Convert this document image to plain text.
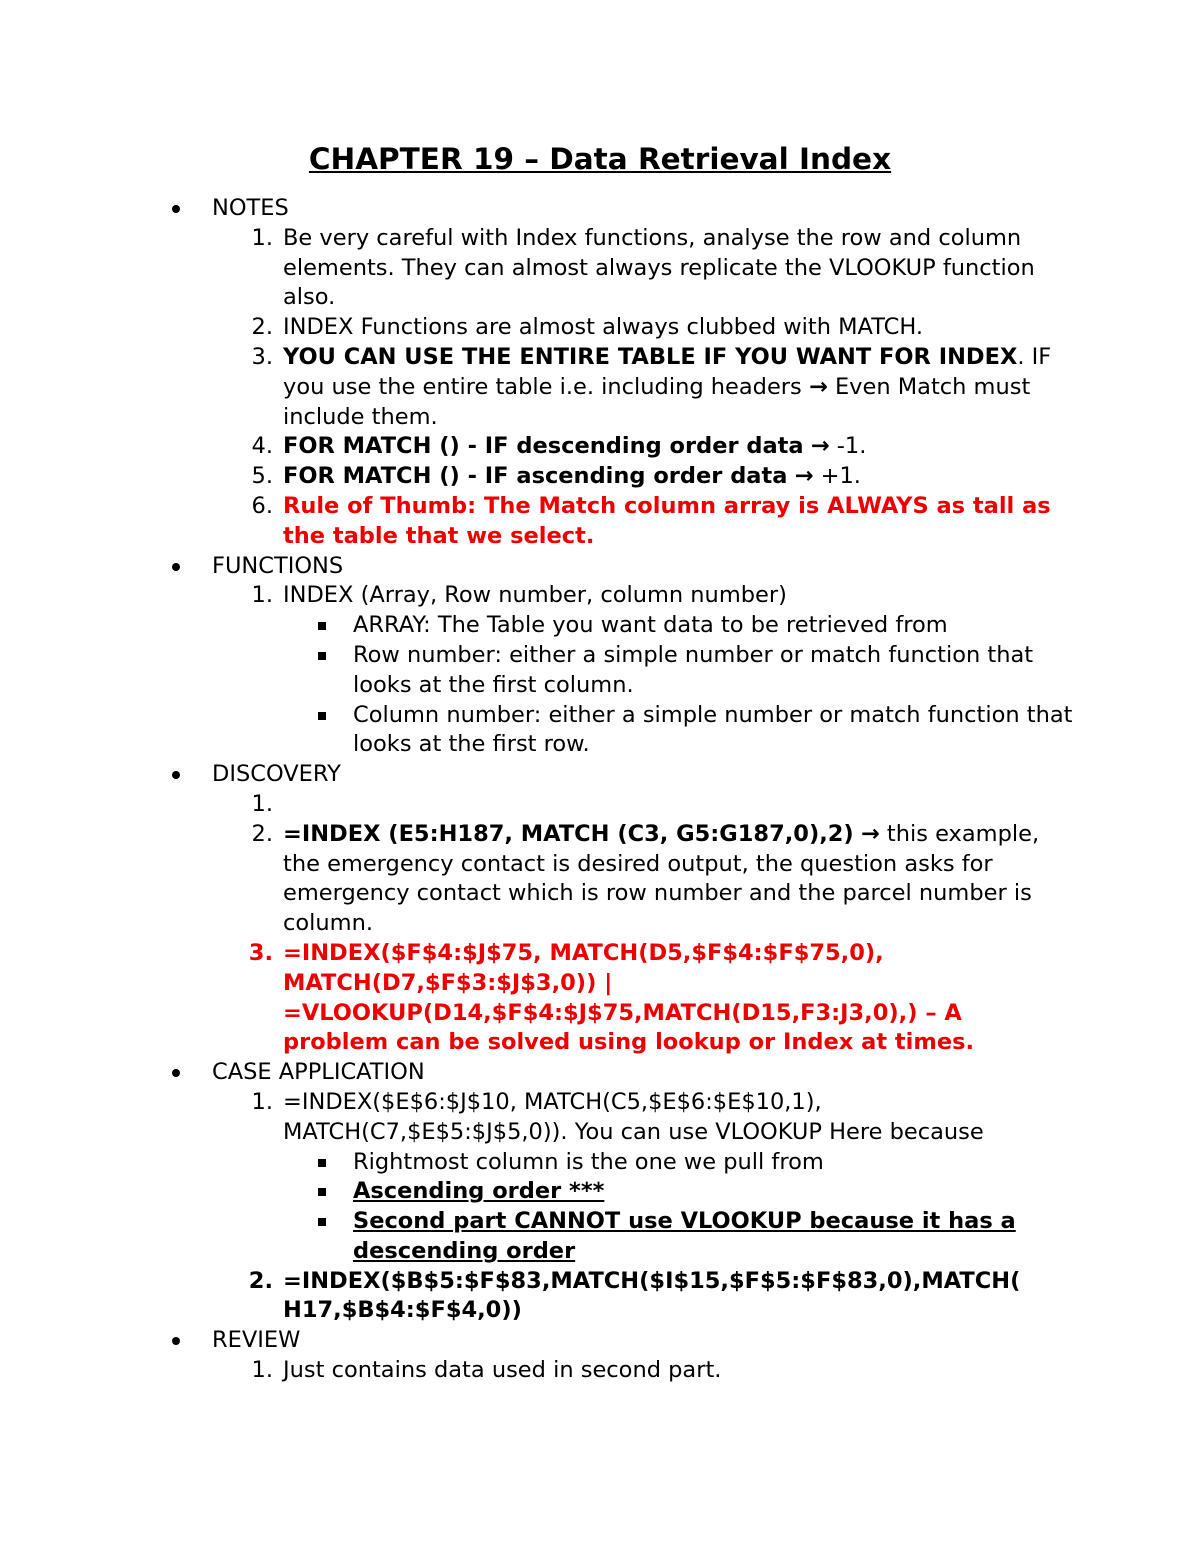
CHAPTER 19 – Data Retrieval Index
NOTES
1. Be very careful with Index functions, analyse the row and column elements. They can almost always replicate the VLOOKUP function also.
2. INDEX Functions are almost always clubbed with MATCH.
3. YOU CAN USE THE ENTIRE TABLE IF YOU WANT FOR INDEX. IF you use the entire table i.e. including headers → Even Match must include them.
4. FOR MATCH () - IF descending order data → -1.
5. FOR MATCH () - IF ascending order data → +1.
6. Rule of Thumb: The Match column array is ALWAYS as tall as the table that we select.
FUNCTIONS
1. INDEX (Array, Row number, column number)
ARRAY: The Table you want data to be retrieved from
Row number: either a simple number or match function that looks at the first column.
Column number: either a simple number or match function that looks at the first row.
DISCOVERY
1.

2. =INDEX (E5:H187, MATCH (C3, G5:G187,0),2) → this example, the emergency contact is desired output, the question asks for emergency contact which is row number and the parcel number is column.
3. =INDEX($F$4:$J$75, MATCH(D5,$F$4:$F$75,0), MATCH(D7,$F$3:$J$3,0)) | =VLOOKUP(D14,$F$4:$J$75,MATCH(D15,F3:J3,0),) – A problem can be solved using lookup or Index at times.
CASE APPLICATION
1. =INDEX($E$6:$J$10, MATCH(C5,$E$6:$E$10,1), MATCH(C7,$E$5:$J$5,0)). You can use VLOOKUP Here because
Rightmost column is the one we pull from
Ascending order ***
Second part CANNOT use VLOOKUP because it has a descending order
2. =INDEX($B$5:$F$83,MATCH($I$15,$F$5:$F$83,0),MATCH( H17,$B$4:$F$4,0))
REVIEW
1. Just contains data used in second part.
